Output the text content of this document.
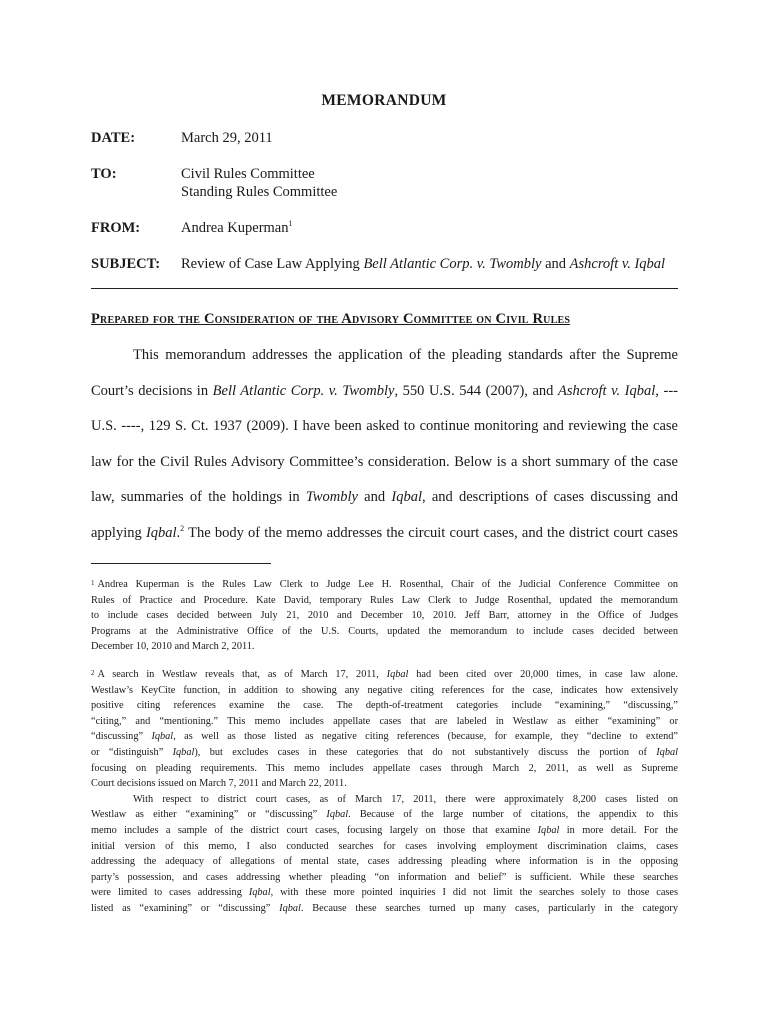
MEMORANDUM
DATE:	March 29, 2011
TO:	Civil Rules Committee
Standing Rules Committee
FROM:	Andrea Kuperman$^1$
SUBJECT: Review of Case Law Applying Bell Atlantic Corp. v. Twombly and Ashcroft v. Iqbal
Prepared for the Consideration of the Advisory Committee on Civil Rules
This memorandum addresses the application of the pleading standards after the Supreme
Court’s decisions in Bell Atlantic Corp. v. Twombly, 550 U.S. 544 (2007), and Ashcroft v. Iqbal, ---
U.S. ----, 129 S. Ct. 1937 (2009). I have been asked to continue monitoring and reviewing the case
law for the Civil Rules Advisory Committee’s consideration. Below is a short summary of the case
law, summaries of the holdings in Twombly and Iqbal, and descriptions of cases discussing and
applying Iqbal.$^2$ The body of the memo addresses the circuit court cases, and the district court cases
$^1$ Andrea Kuperman is the Rules Law Clerk to Judge Lee H. Rosenthal, Chair of the Judicial Conference Committee on
Rules of Practice and Procedure. Kate David, temporary Rules Law Clerk to Judge Rosenthal, updated the memorandum
to include cases decided between July 21, 2010 and December 10, 2010. Jeff Barr, attorney in the Office of Judges
Programs at the Administrative Office of the U.S. Courts, updated the memorandum to include cases decided between
December 10, 2010 and March 2, 2011.
$^2$ A search in Westlaw reveals that, as of March 17, 2011, Iqbal had been cited over 20,000 times, in case law alone.
Westlaw’s KeyCite function, in addition to showing any negative citing references for the case, indicates how extensively
positive citing references examine the case. The depth-of-treatment categories include “examining,” “discussing,”
“citing,” and “mentioning.” This memo includes appellate cases that are labeled in Westlaw as either “examining” or
“discussing” Iqbal, as well as those listed as negative citing references (because, for example, they “decline to extend”
or “distinguish” Iqbal), but excludes cases in these categories that do not substantively discuss the portion of Iqbal
focusing on pleading requirements. This memo includes appellate cases through March 2, 2011, as well as Supreme
Court decisions issued on March 7, 2011 and March 22, 2011.
With respect to district court cases, as of March 17, 2011, there were approximately 8,200 cases listed on
Westlaw as either “examining” or “discussing” Iqbal. Because of the large number of citations, the appendix to this
memo includes a sample of the district court cases, focusing largely on those that examine Iqbal in more detail. For the
initial version of this memo, I also conducted searches for cases involving employment discrimination claims, cases
addressing the adequacy of allegations of mental state, cases addressing pleading where information is in the opposing
party’s possession, and cases addressing whether pleading “on information and belief” is sufficient. While these searches
were limited to cases addressing Iqbal, with these more pointed inquiries I did not limit the searches solely to those cases
listed as “examining” or “discussing” Iqbal. Because these searches turned up many cases, particularly in the category
